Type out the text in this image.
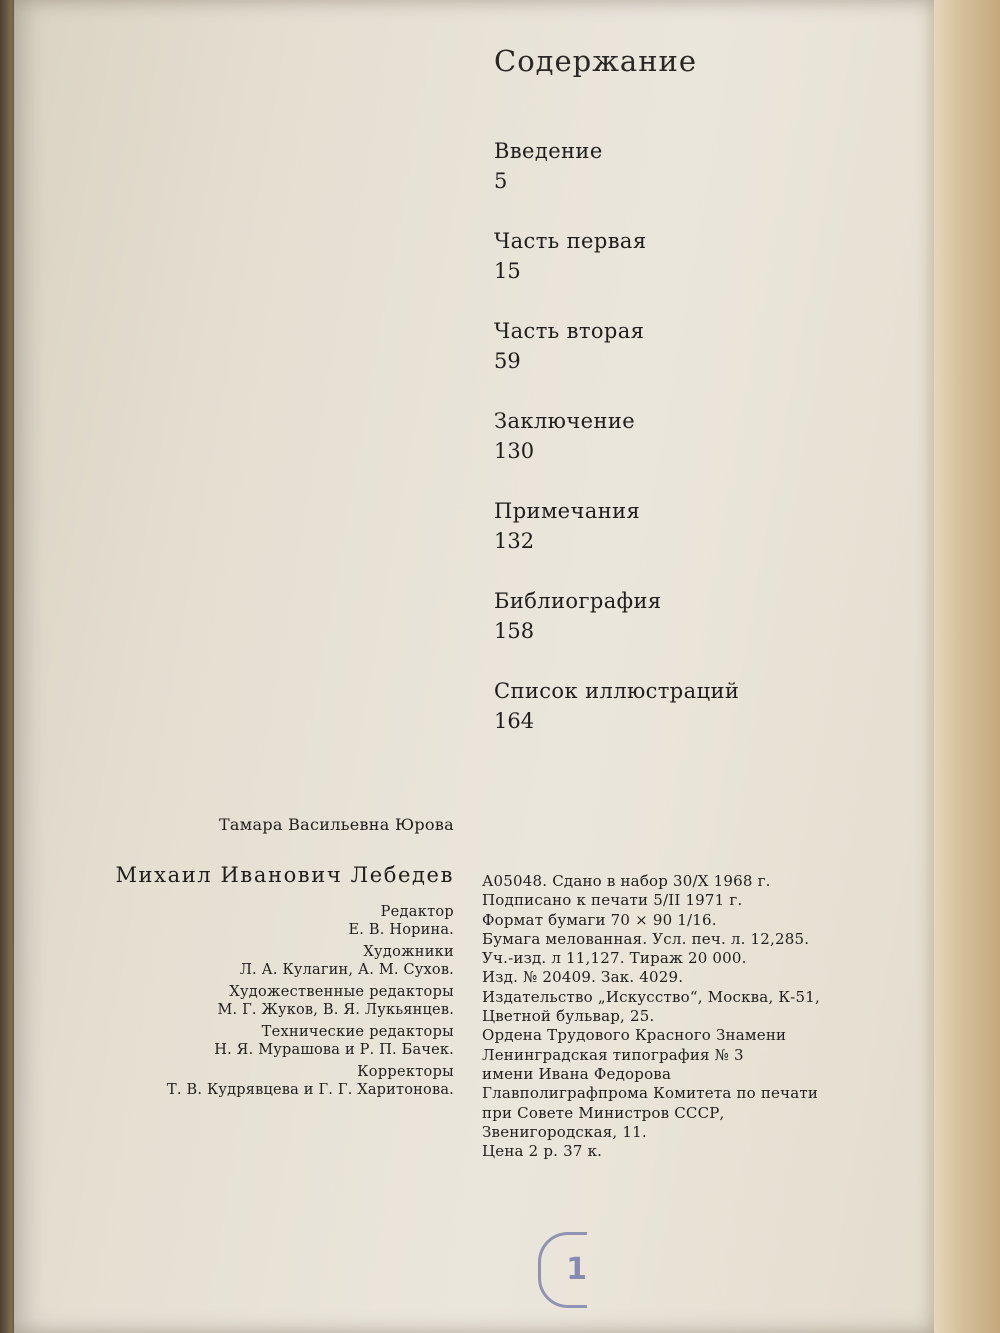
Содержание
Введение
5
Часть первая
15
Часть вторая
59
Заключение
130
Примечания
132
Библиография
158
Список иллюстраций
164
Тамара Васильевна Юрова
Михаил Иванович Лебедев
Редактор
Е. В. Норина.
Художники
Л. А. Кулагин, А. М. Сухов.
Художественные редакторы
М. Г. Жуков, В. Я. Лукьянцев.
Технические редакторы
Н. Я. Мурашова и Р. П. Бачек.
Корректоры
Т. В. Кудрявцева и Г. Г. Харитонова.
А05048. Сдано в набор 30/X 1968 г.
Подписано к печати 5/II 1971 г.
Формат бумаги 70 × 90 1/16.
Бумага мелованная. Усл. печ. л. 12,285.
Уч.-изд. л 11,127. Тираж 20 000.
Изд. № 20409. Зак. 4029.
Издательство „Искусство“, Москва, К-51,
Цветной бульвар, 25.
Ордена Трудового Красного Знамени
Ленинградская типография № 3
имени Ивана Федорова
Главполиграфпрома Комитета по печати
при Совете Министров СССР,
Звенигородская, 11.
Цена 2 р. 37 к.
1
